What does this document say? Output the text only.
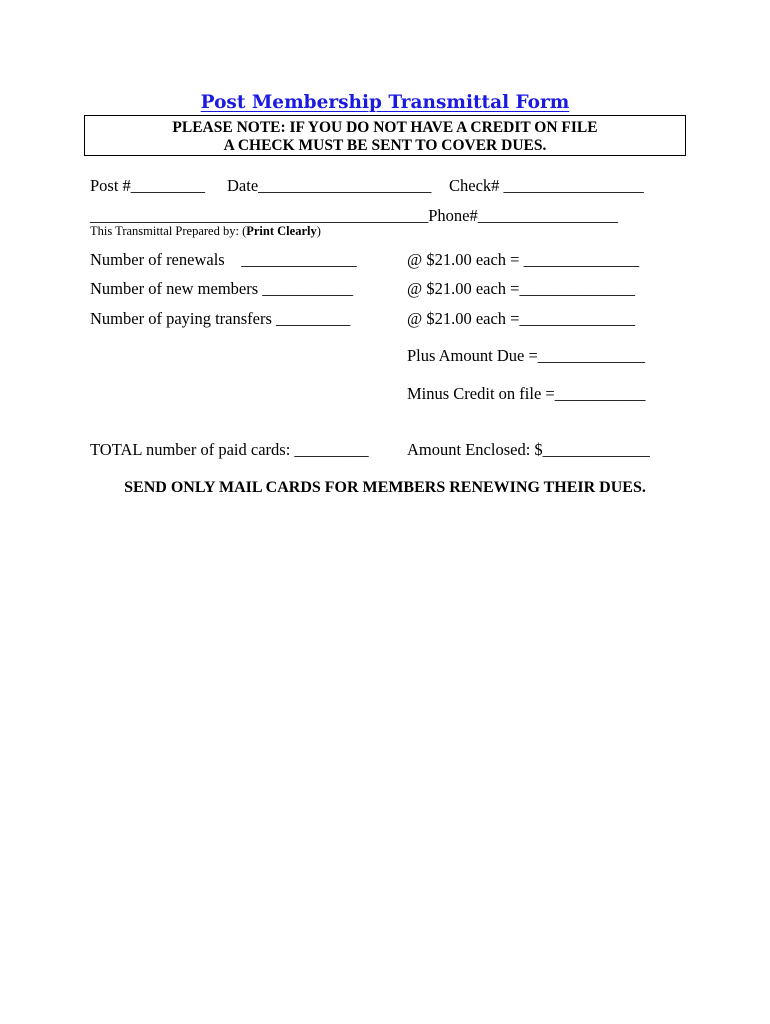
Post Membership Transmittal Form
PLEASE NOTE: IF YOU DO NOT HAVE A CREDIT ON FILE
A CHECK MUST BE SENT TO COVER DUES.
Post #_________ Date_____________________ Check# _________________
_________________________________________Phone#_________________
This Transmittal Prepared by: (Print Clearly)
Number of renewals    ______________	@ $21.00 each = ______________
Number of new members ___________	@ $21.00 each =______________
Number of paying transfers _________	@ $21.00 each =______________
Plus Amount Due =_____________
Minus Credit on file =___________
TOTAL number of paid cards: _________ Amount Enclosed: $_____________
SEND ONLY MAIL CARDS FOR MEMBERS RENEWING THEIR DUES.
